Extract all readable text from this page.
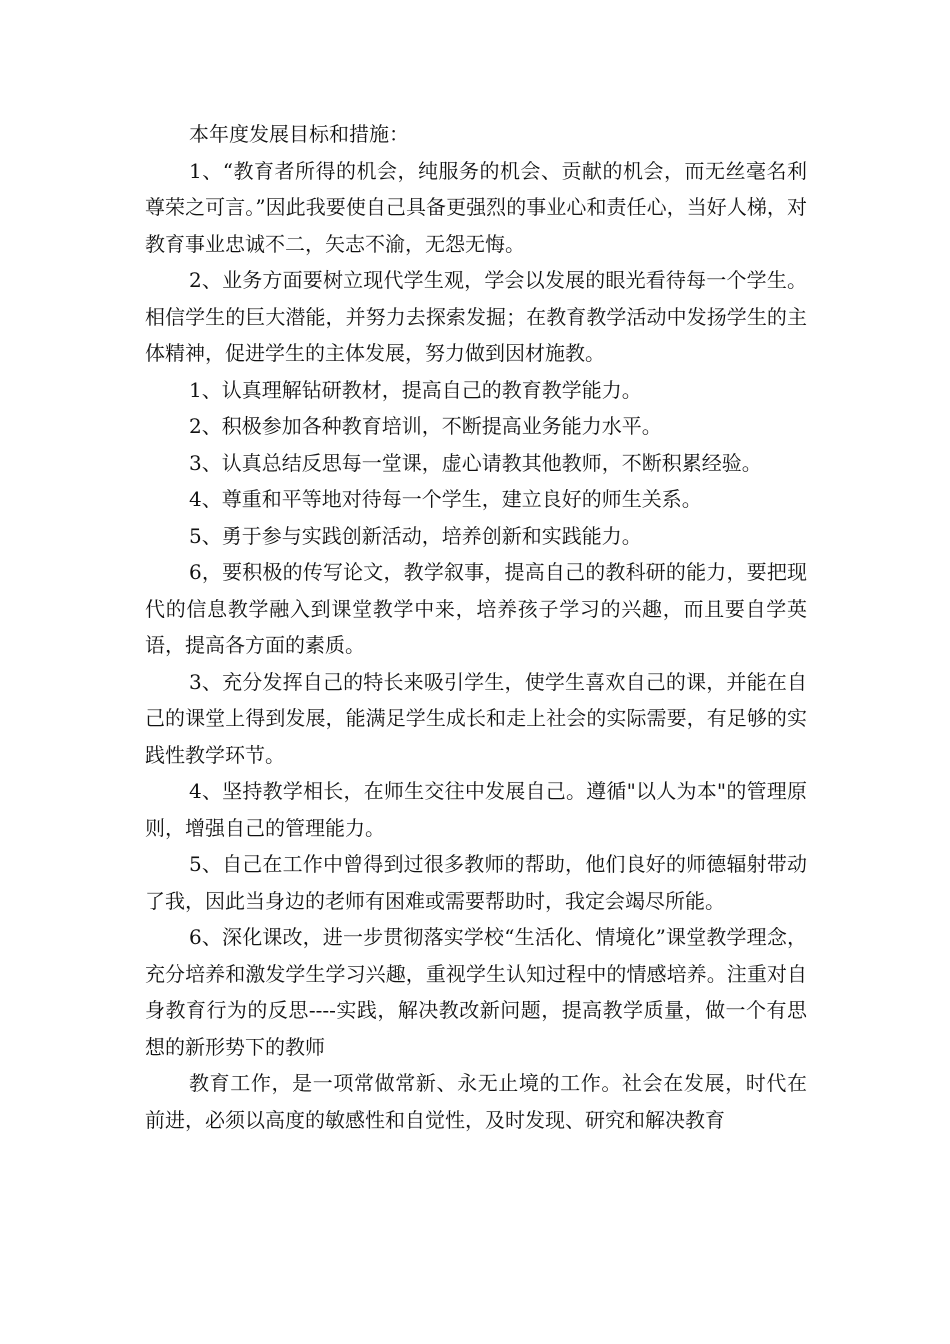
本年度发展目标和措施：

1、“教育者所得的机会，纯服务的机会、贡献的机会，而无丝毫名利尊荣之可言。”因此我要使自己具备更强烈的事业心和责任心，当好人梯，对教育事业忠诚不二，矢志不渝，无怨无悔。

2、业务方面要树立现代学生观，学会以发展的眼光看待每一个学生。相信学生的巨大潜能，并努力去探索发掘；在教育教学活动中发扬学生的主体精神，促进学生的主体发展，努力做到因材施教。

1、认真理解钻研教材，提高自己的教育教学能力。

2、积极参加各种教育培训，不断提高业务能力水平。

3、认真总结反思每一堂课，虚心请教其他教师，不断积累经验。

4、尊重和平等地对待每一个学生，建立良好的师生关系。

5、勇于参与实践创新活动，培养创新和实践能力。

6，要积极的传写论文，教学叙事，提高自己的教科研的能力，要把现代的信息教学融入到课堂教学中来，培养孩子学习的兴趣，而且要自学英语，提高各方面的素质。

3、充分发挥自己的特长来吸引学生，使学生喜欢自己的课，并能在自己的课堂上得到发展，能满足学生成长和走上社会的实际需要，有足够的实践性教学环节。

4、坚持教学相长，在师生交往中发展自己。遵循"以人为本"的管理原则，增强自己的管理能力。

5、自己在工作中曾得到过很多教师的帮助，他们良好的师德辐射带动了我，因此当身边的老师有困难或需要帮助时，我定会竭尽所能。

6、深化课改，进一步贯彻落实学校“生活化、情境化”课堂教学理念，充分培养和激发学生学习兴趣，重视学生认知过程中的情感培养。注重对自身教育行为的反思----实践，解决教改新问题，提高教学质量，做一个有思想的新形势下的教师

教育工作，是一项常做常新、永无止境的工作。社会在发展，时代在前进，必须以高度的敏感性和自觉性，及时发现、研究和解决教育
